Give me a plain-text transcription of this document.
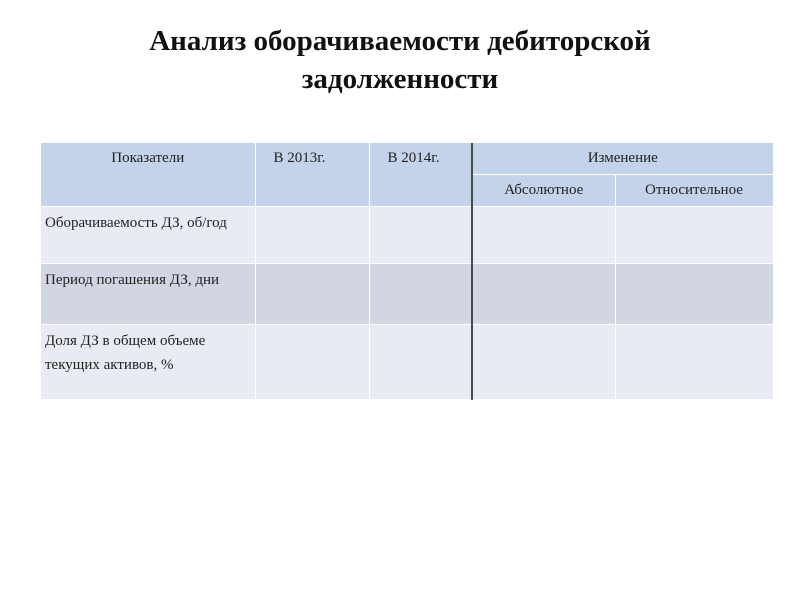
Анализ оборачиваемости дебиторской
задолженности
Показатели	В 2013г.	В 2014г.	Изменение	
			Абсолютное	Относительное
Оборачиваемость ДЗ, об/год				
Период погашения ДЗ, дни				
Доля ДЗ в общем объеме текущих активов, %				
